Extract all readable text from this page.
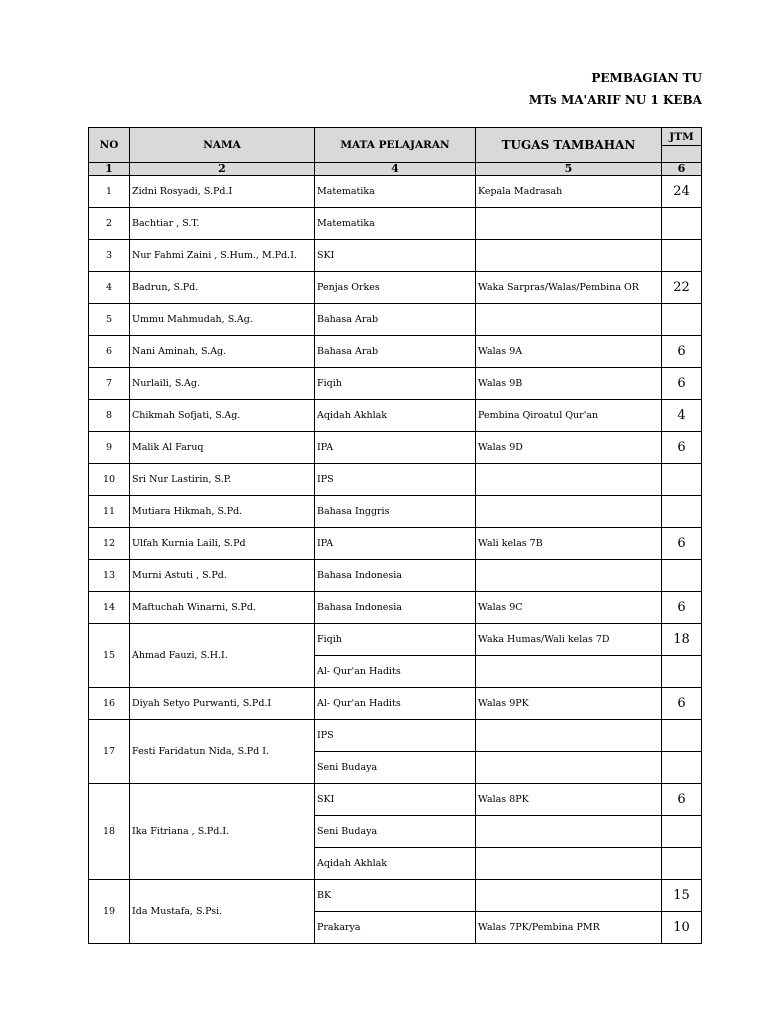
PEMBAGIAN TU
MTs MA'ARIF NU 1 KEBA
NO	NAMA	MATA PELAJARAN	TUGAS TAMBAHAN	JTM

1	2	4	5	6
1	Zidni Rosyadi, S.Pd.I	Matematika	Kepala Madrasah	24
2	Bachtiar , S.T.	Matematika		
3	Nur Fahmi Zaini , S.Hum., M.Pd.I.	SKI		
4	Badrun, S.Pd.	Penjas Orkes	Waka Sarpras/Walas/Pembina OR	22
5	Ummu Mahmudah, S.Ag.	Bahasa Arab		
6	Nani Aminah, S.Ag.	Bahasa Arab	Walas 9A	6
7	Nurlaili, S.Ag.	Fiqih	Walas 9B	6
8	Chikmah Sofjati, S.Ag.	Aqidah Akhlak	Pembina Qiroatul Qur'an	4
9	Malik Al Faruq	IPA	Walas 9D	6
10	Sri Nur Lastirin, S.P.	IPS		
11	Mutiara Hikmah, S.Pd.	Bahasa Inggris		
12	Ulfah Kurnia Laili, S.Pd	IPA	Wali kelas 7B	6
13	Murni Astuti , S.Pd.	Bahasa Indonesia		
14	Maftuchah Winarni, S.Pd.	Bahasa Indonesia	Walas 9C	6
15	Ahmad Fauzi, S.H.I.	Fiqih	Waka Humas/Wali kelas 7D	18
		Al- Qur'an Hadits		
16	Diyah Setyo Purwanti, S.Pd.I	Al- Qur'an Hadits	Walas 9PK	6
17	Festi Faridatun Nida, S.Pd I.	IPS		
		Seni Budaya		
18	Ika Fitriana , S.Pd.I.	SKI	Walas 8PK	6
		Seni Budaya		
		Aqidah Akhlak		
19	Ida Mustafa, S.Psi.	BK		15
		Prakarya	Walas 7PK/Pembina PMR	10
